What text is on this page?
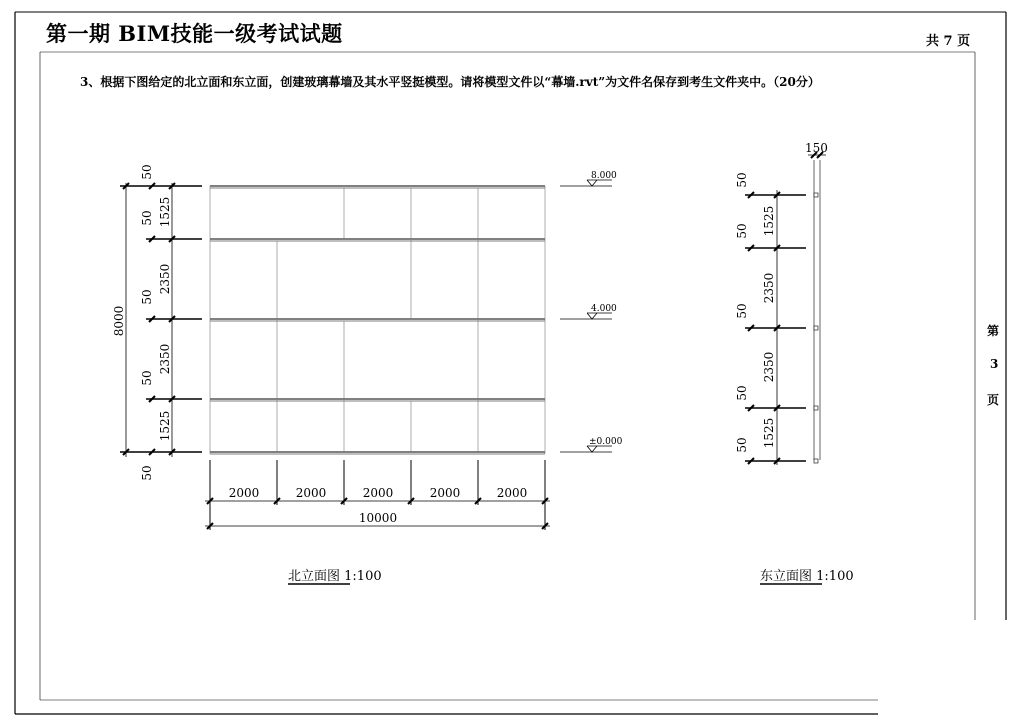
第一期 BIM技能一级考试试题	共 7 页
3、根据下图给定的北立面和东立面，创建玻璃幕墙及其水平竖挺模型。请将模型文件以“幕墙.rvt”为文件名保存到考生文件夹中。（20分）
第
3
页
50
1525
50
2350
50
2350
50
1525
50
8000
8.000
4.000
±0.000
2000	2000	2000	2000	2000
10000
北立面图 1:100
150
50
1525
50
2350
50
2350
50
1525
50
东立面图 1:100
